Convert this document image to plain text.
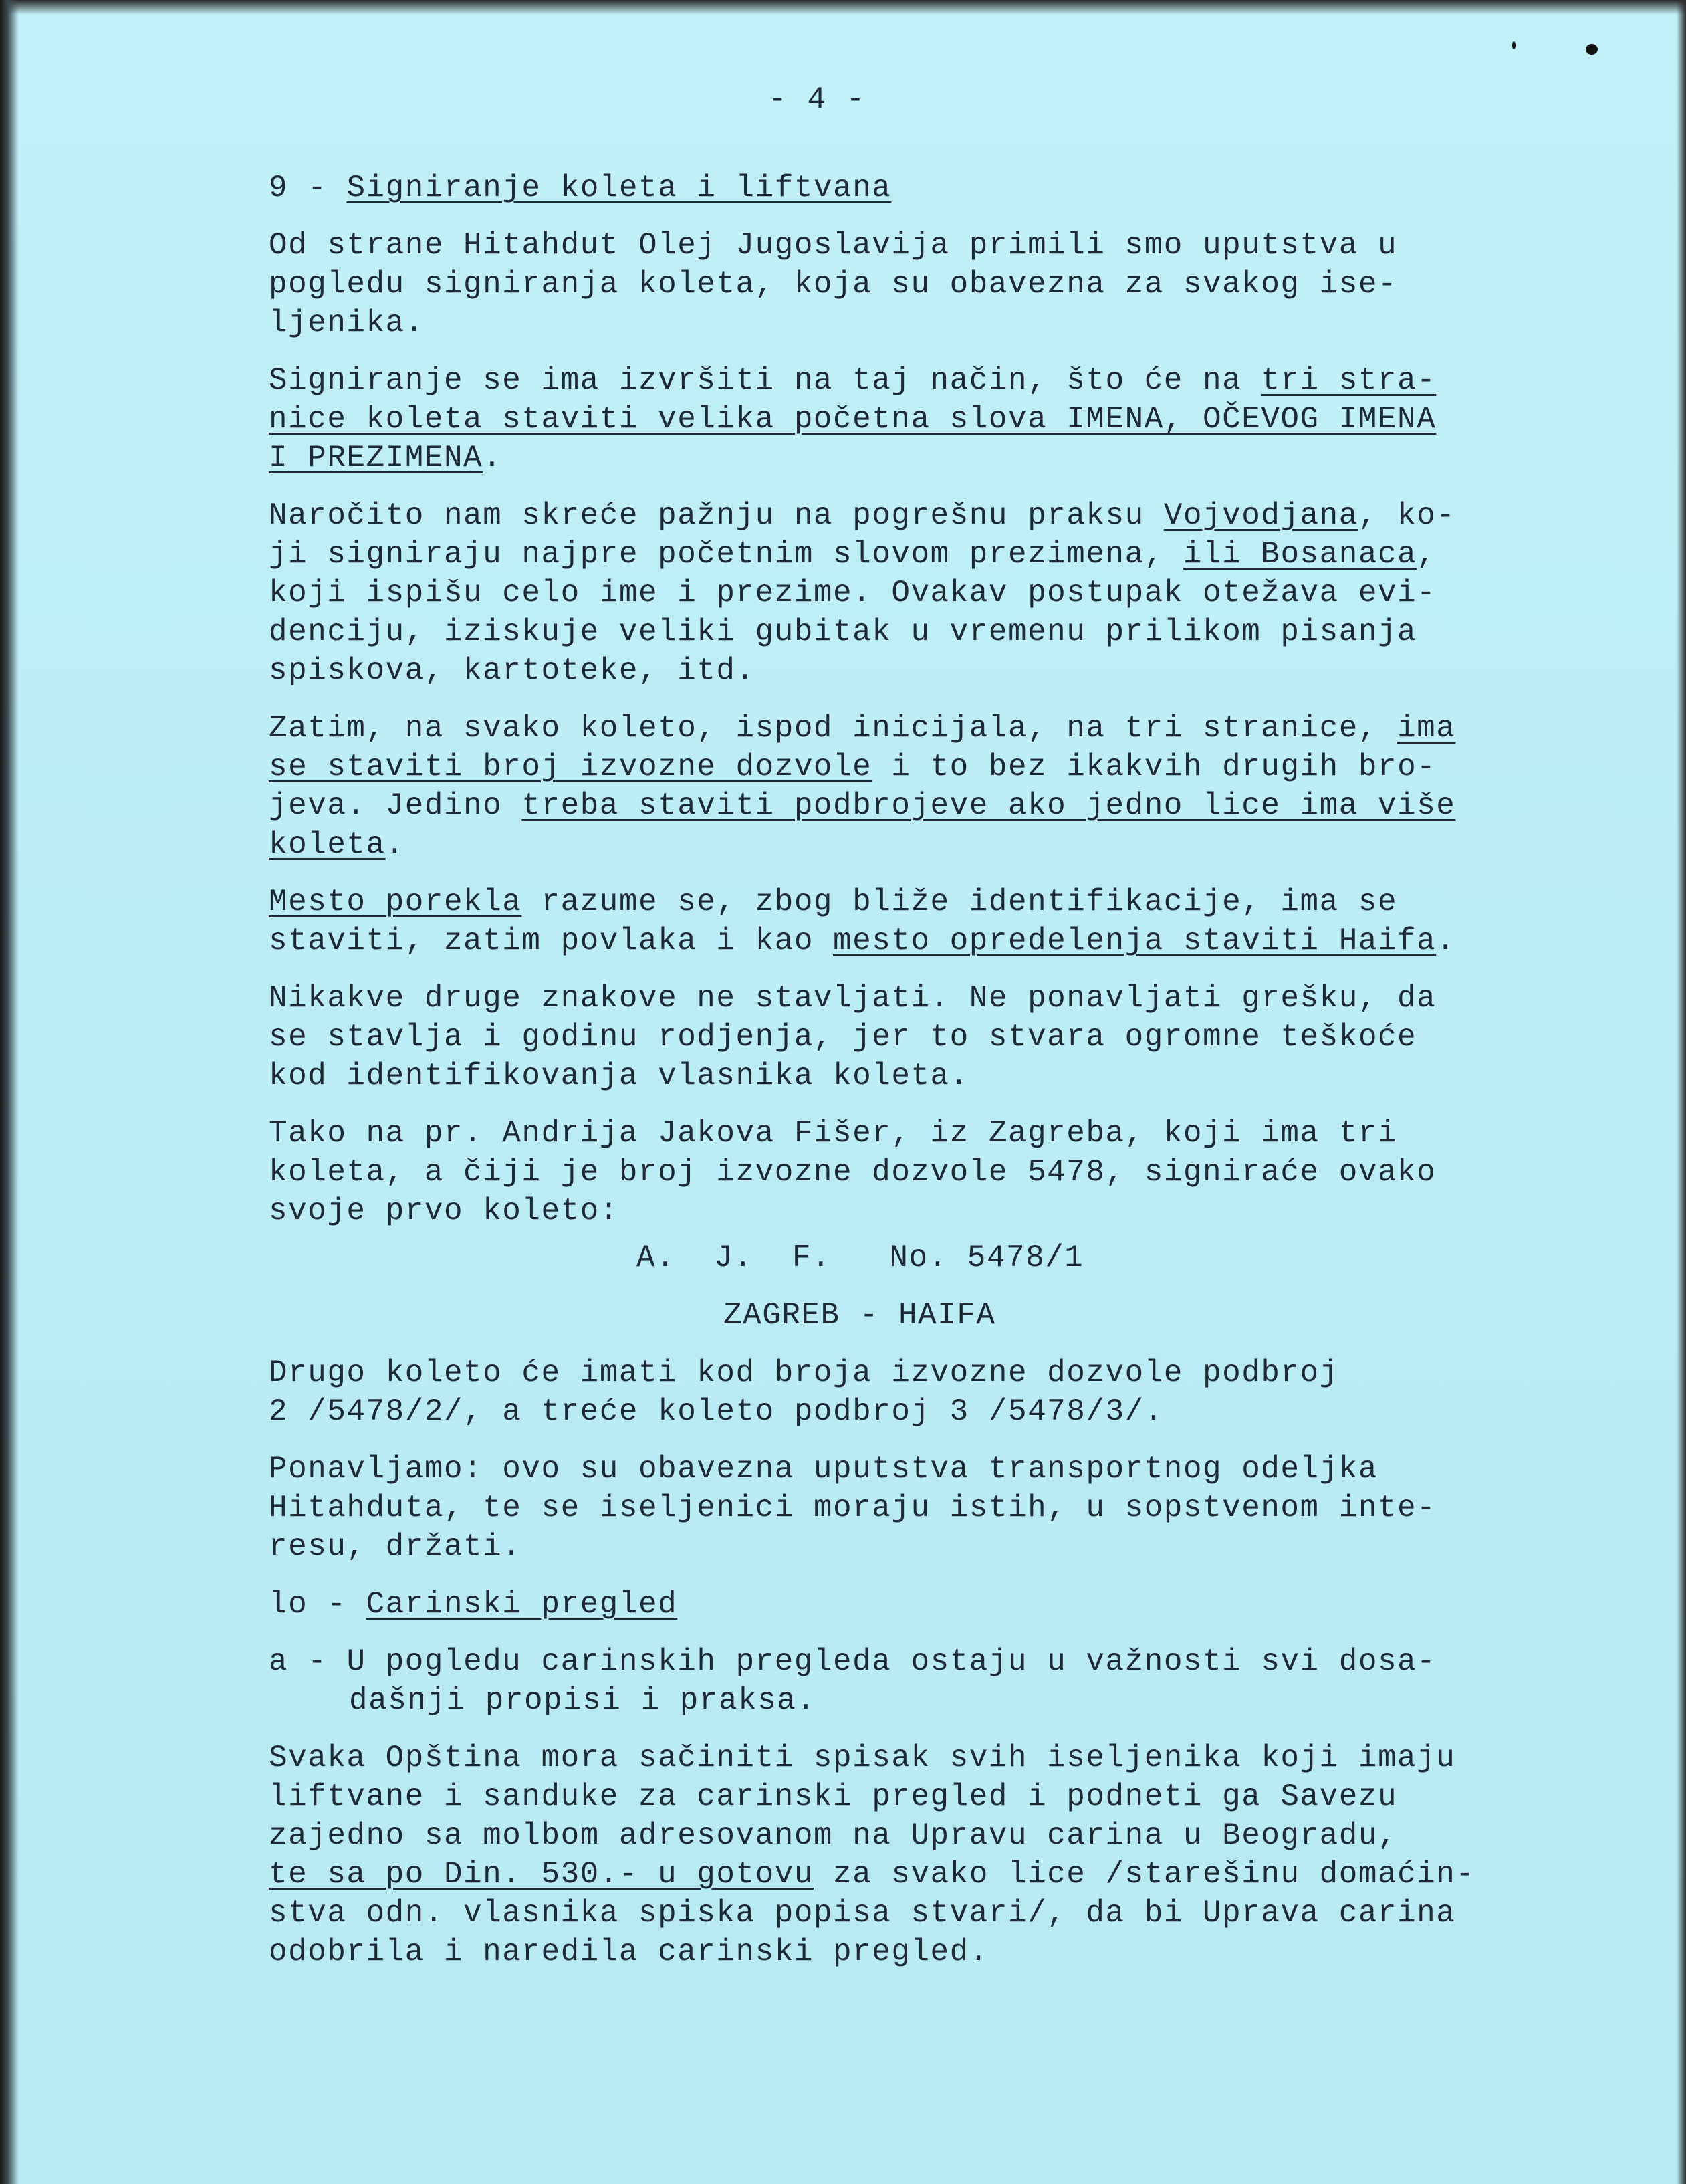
- 4 -
9 - Signiranje koleta i liftvana
Od strane Hitahdut Olej Jugoslavija primili smo uputstva u
pogledu signiranja koleta, koja su obavezna za svakog ise-
ljenika.
Signiranje se ima izvršiti na taj način, što će na tri stra-
nice koleta staviti velika početna slova IMENA, OČEVOG IMENA
I PREZIMENA.
Naročito nam skreće pažnju na pogrešnu praksu Vojvodjana, ko-
ji signiraju najpre početnim slovom prezimena, ili Bosanaca,
koji ispišu celo ime i prezime. Ovakav postupak otežava evi-
denciju, iziskuje veliki gubitak u vremenu prilikom pisanja
spiskova, kartoteke, itd.
Zatim, na svako koleto, ispod inicijala, na tri stranice, ima
se staviti broj izvozne dozvole i to bez ikakvih drugih bro-
jeva. Jedino treba staviti podbrojeve ako jedno lice ima više
koleta.
Mesto porekla razume se, zbog bliže identifikacije, ima se
staviti, zatim povlaka i kao mesto opredelenja staviti Haifa.
Nikakve druge znakove ne stavljati. Ne ponavljati grešku, da
se stavlja i godinu rodjenja, jer to stvara ogromne teškoće
kod identifikovanja vlasnika koleta.
Tako na pr. Andrija Jakova Fišer, iz Zagreba, koji ima tri
koleta, a čiji je broj izvozne dozvole 5478, signiraće ovako
svoje prvo koleto:
A.  J.  F.   No. 5478/1
ZAGREB - HAIFA
Drugo koleto će imati kod broja izvozne dozvole podbroj
2 /5478/2/, a treće koleto podbroj 3 /5478/3/.
Ponavljamo: ovo su obavezna uputstva transportnog odeljka
Hitahduta, te se iseljenici moraju istih, u sopstvenom inte-
resu, držati.
lo - Carinski pregled
a - U pogledu carinskih pregleda ostaju u važnosti svi dosa-
dašnji propisi i praksa.
Svaka Opština mora sačiniti spisak svih iseljenika koji imaju
liftvane i sanduke za carinski pregled i podneti ga Savezu
zajedno sa molbom adresovanom na Upravu carina u Beogradu,
te sa po Din. 530.- u gotovu za svako lice /starešinu domaćin-
stva odn. vlasnika spiska popisa stvari/, da bi Uprava carina
odobrila i naredila carinski pregled.
